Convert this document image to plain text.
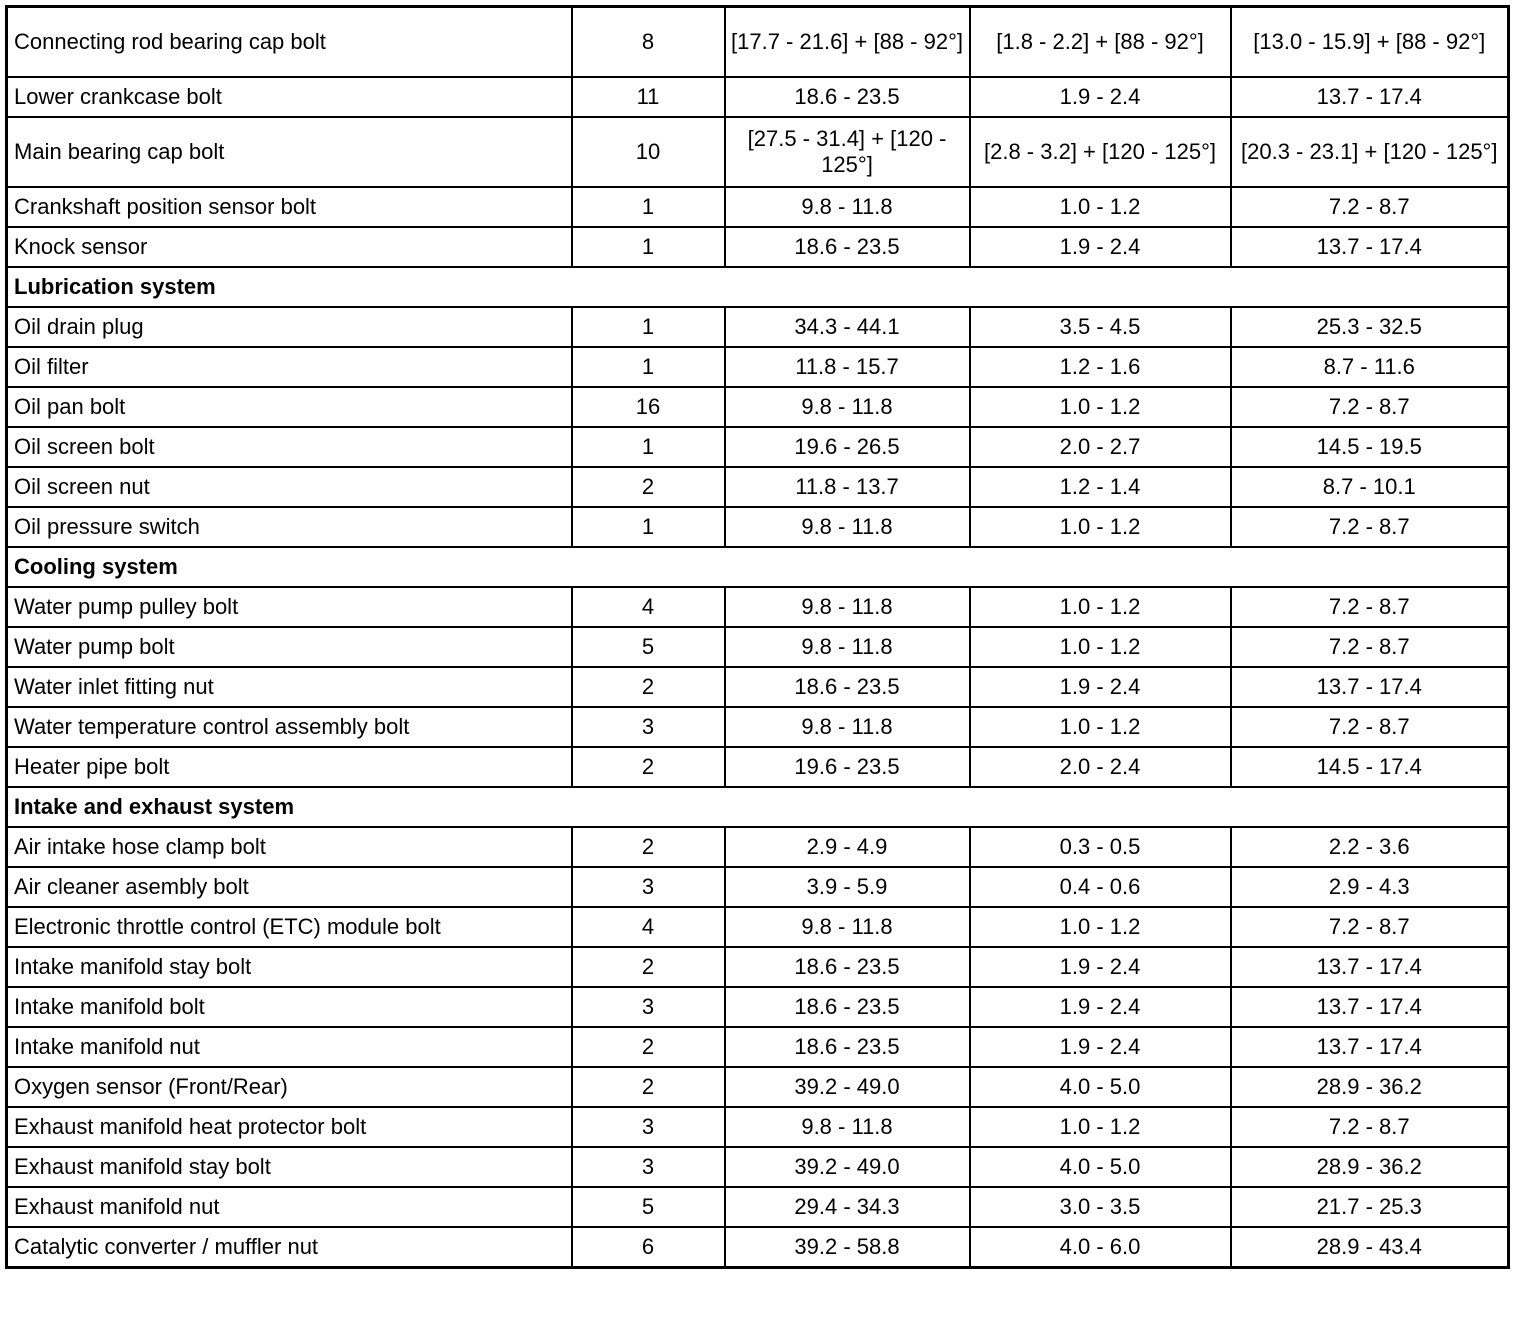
Connecting rod bearing cap bolt	8	[17.7 - 21.6] + [88 - 92°]	[1.8 - 2.2] + [88 - 92°]	[13.0 - 15.9] + [88 - 92°]
Lower crankcase bolt	11	18.6 - 23.5	1.9 - 2.4	13.7 - 17.4
Main bearing cap bolt	10	[27.5 - 31.4] + [120 - 125°]	[2.8 - 3.2] + [120 - 125°]	[20.3 - 23.1] + [120 - 125°]
Crankshaft position sensor bolt	1	9.8 - 11.8	1.0 - 1.2	7.2 - 8.7
Knock sensor	1	18.6 - 23.5	1.9 - 2.4	13.7 - 17.4
Lubrication system				
Oil drain plug	1	34.3 - 44.1	3.5 - 4.5	25.3 - 32.5
Oil filter	1	11.8 - 15.7	1.2 - 1.6	8.7 - 11.6
Oil pan bolt	16	9.8 - 11.8	1.0 - 1.2	7.2 - 8.7
Oil screen bolt	1	19.6 - 26.5	2.0 - 2.7	14.5 - 19.5
Oil screen nut	2	11.8 - 13.7	1.2 - 1.4	8.7 - 10.1
Oil pressure switch	1	9.8 - 11.8	1.0 - 1.2	7.2 - 8.7
Cooling system				
Water pump pulley bolt	4	9.8 - 11.8	1.0 - 1.2	7.2 - 8.7
Water pump bolt	5	9.8 - 11.8	1.0 - 1.2	7.2 - 8.7
Water inlet fitting nut	2	18.6 - 23.5	1.9 - 2.4	13.7 - 17.4
Water temperature control assembly bolt	3	9.8 - 11.8	1.0 - 1.2	7.2 - 8.7
Heater pipe bolt	2	19.6 - 23.5	2.0 - 2.4	14.5 - 17.4
Intake and exhaust system				
Air intake hose clamp bolt	2	2.9 - 4.9	0.3 - 0.5	2.2 - 3.6
Air cleaner asembly bolt	3	3.9 - 5.9	0.4 - 0.6	2.9 - 4.3
Electronic throttle control (ETC) module bolt	4	9.8 - 11.8	1.0 - 1.2	7.2 - 8.7
Intake manifold stay bolt	2	18.6 - 23.5	1.9 - 2.4	13.7 - 17.4
Intake manifold bolt	3	18.6 - 23.5	1.9 - 2.4	13.7 - 17.4
Intake manifold nut	2	18.6 - 23.5	1.9 - 2.4	13.7 - 17.4
Oxygen sensor (Front/Rear)	2	39.2 - 49.0	4.0 - 5.0	28.9 - 36.2
Exhaust manifold heat protector bolt	3	9.8 - 11.8	1.0 - 1.2	7.2 - 8.7
Exhaust manifold stay bolt	3	39.2 - 49.0	4.0 - 5.0	28.9 - 36.2
Exhaust manifold nut	5	29.4 - 34.3	3.0 - 3.5	21.7 - 25.3
Catalytic converter / muffler nut	6	39.2 - 58.8	4.0 - 6.0	28.9 - 43.4
